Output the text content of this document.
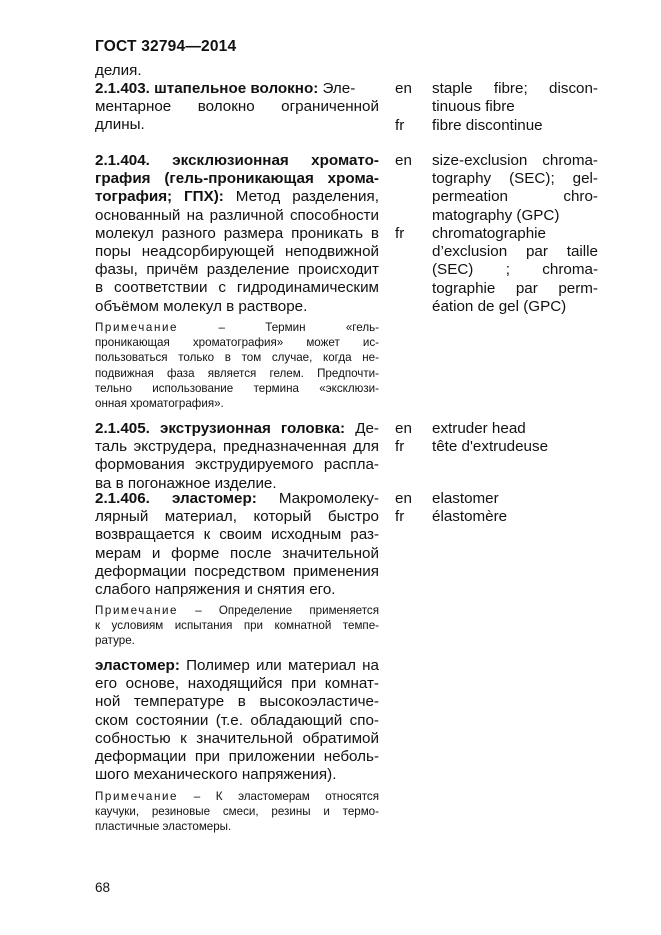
ГОСТ 32794—2014
делия.
2.1.403. штапельное волокно: Эле-
ментарное волокно ограниченной
длины.
en
fr
staple fibre; discon-
tinuous fibre
fibre discontinue
2.1.404. эксклюзионная хромато-
графия (гель-проникающая хрома-
тография; ГПХ): Метод разделения,
основанный на различной способности
молекул разного размера проникать в
поры неадсорбирующей неподвижной
фазы, причём разделение происходит
в соответствии с гидродинамическим
объёмом молекул в растворе.
Примечание	– Термин «гель-
проникающая хроматография» может ис-
пользоваться только в том случае, когда не-
подвижная фаза является гелем. Предпочти-
тельно использование термина «эксклюзи-
онная хроматография».
en
fr
size-exclusion chroma-
tography (SEC); gel-
permeation chro-
matography (GPC)
chromatographie
d’exclusion par taille
(SEC) ; chroma-
tographie par perm-
éation de gel (GPC)
2.1.405. экструзионная головка: Де-
таль экструдера, предназначенная для
формования экструдируемого распла-
ва в погонажное изделие.
en
fr
extruder head
tête d'extrudeuse
2.1.406. эластомер: Макромолеку-
лярный материал, который быстро
возвращается к своим исходным раз-
мерам и форме после значительной
деформации посредством применения
слабого напряжения и снятия его.
Примечание – Определение применяется
к условиям испытания при комнатной темпе-
ратуре.
en
fr
elastomer
élastomère
эластомер: Полимер или материал на
его основе, находящийся при комнат-
ной температуре в высокоэластиче-
ском состоянии (т.е. обладающий спо-
собностью к значительной обратимой
деформации при приложении неболь-
шого механического напряжения).
Примечание – К эластомерам относятся
каучуки, резиновые смеси, резины и термо-
пластичные эластомеры.
68
